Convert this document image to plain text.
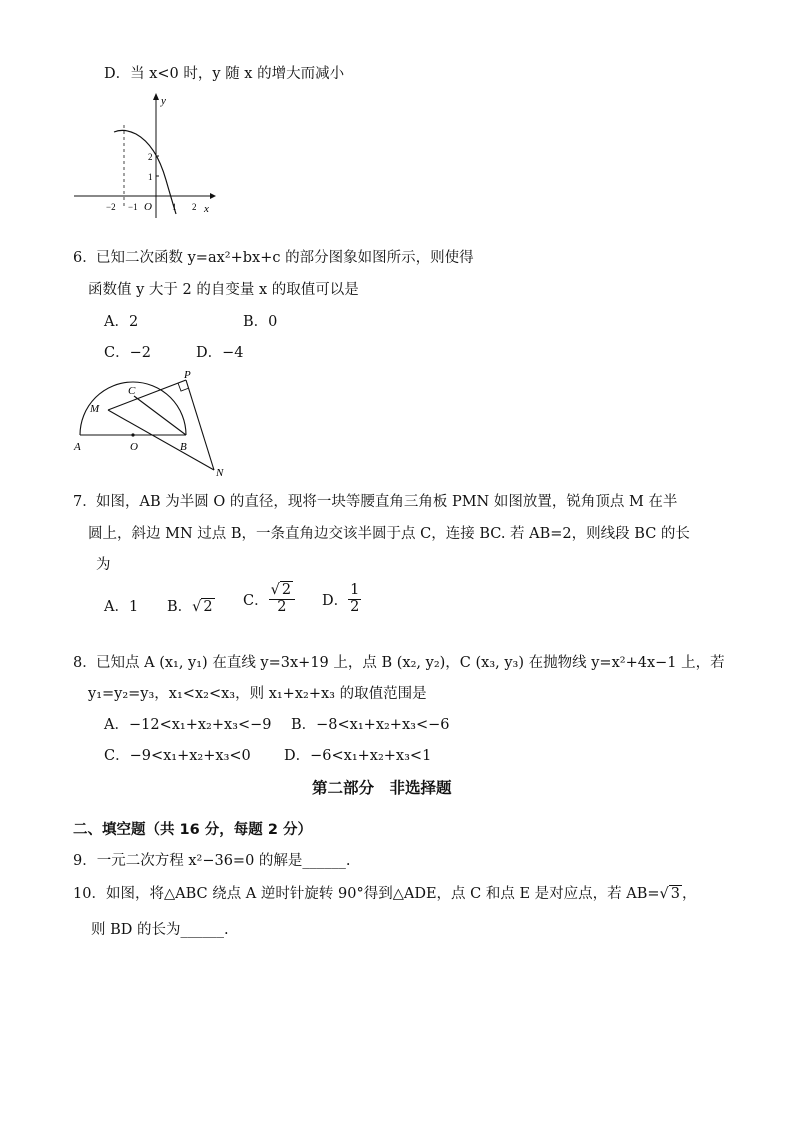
D．当 x<0 时，y 随 x 的增大而减小
y
x
O
−2 −1	1 2
1
2
6． 已知二次函数 y=ax²+bx+c 的部分图象如图所示，则使得
函数值 y 大于 2 的自变量 x 的取值可以是
A．2	B．0
C．−2	D．−4
P
C
M
A	O	B
N
7． 如图，AB 为半圆 O 的直径，现将一块等腰直角三角板 PMN 如图放置，锐角顶点 M 在半
圆上，斜边 MN 过点 B，一条直角边交该半圆于点 C，连接 BC. 若 AB=2，则线段 BC 的长
为
A．1 B．√ 2 C． $\frac{√ 2}{2}$ D． $\frac{1}{2}$
8． 已知点 A (x₁, y₁) 在直线 y=3x+19 上，点 B (x₂, y₂)，C (x₃, y₃) 在抛物线 y=x²+4x−1 上，若
y₁=y₂=y₃，x₁<x₂<x₃，则 x₁+x₂+x₃ 的取值范围是
A．−12<x₁+x₂+x₃<−9 B．−8<x₁+x₂+x₃<−6
C．−9<x₁+x₂+x₃<0 D．−6<x₁+x₂+x₃<1
第二部分　非选择题
二、填空题（共 16 分，每题 2 分）
9．一元二次方程 x²−36=0 的解是______.
10．如图，将△ABC 绕点 A 逆时针旋转 90°得到△ADE，点 C 和点 E 是对应点，若 AB=√ 3 ，
则 BD 的长为______.
